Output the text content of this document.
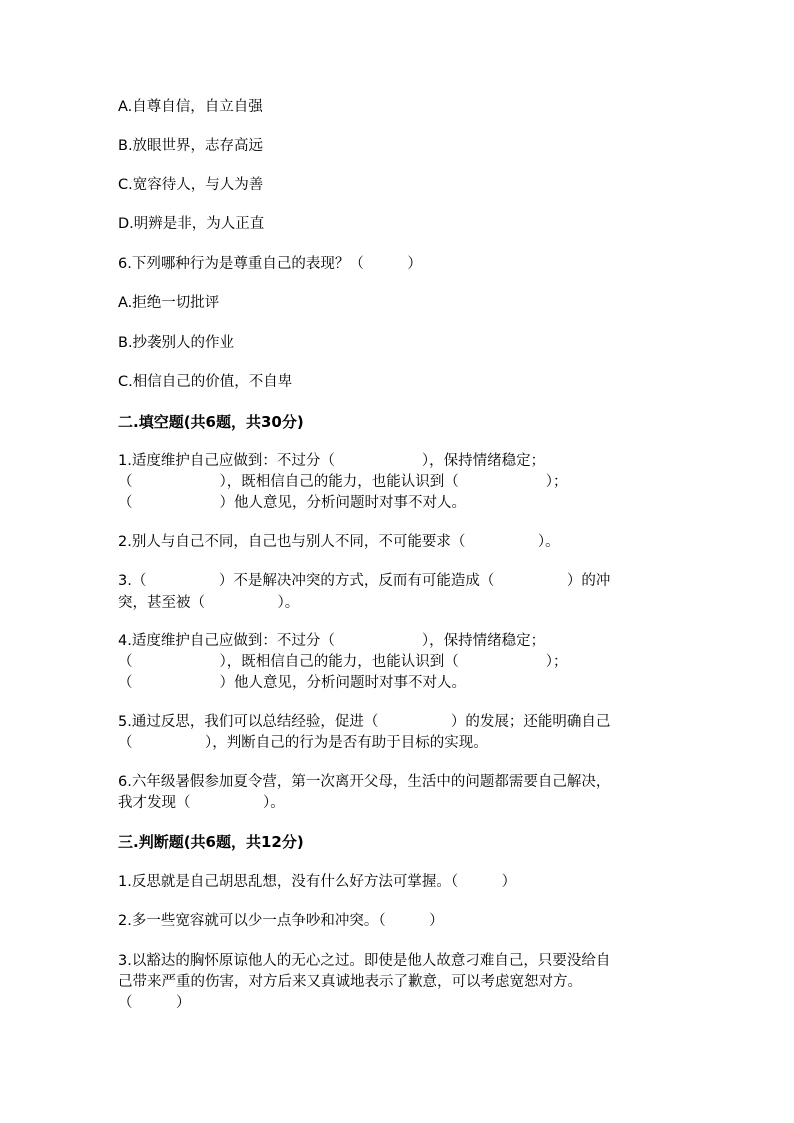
A.自尊自信，自立自强
B.放眼世界，志存高远
C.宽容待人，与人为善
D.明辨是非，为人正直
6.下列哪种行为是尊重自己的表现？（　　　）
A.拒绝一切批评
B.抄袭别人的作业
C.相信自己的价值，不自卑
二.填空题(共6题，共30分)
1.适度维护自己应做到：不过分（　　　　　　），保持情绪稳定；
（　　　　　　），既相信自己的能力，也能认识到（　　　　　　）；
（　　　　　　）他人意见，分析问题时对事不对人。
2.别人与自己不同，自己也与别人不同，不可能要求（　　　　　）。
3.（　　　　　）不是解决冲突的方式，反而有可能造成（　　　　　）的冲
突，甚至被（　　　　　）。
4.适度维护自己应做到：不过分（　　　　　　），保持情绪稳定；
（　　　　　　），既相信自己的能力，也能认识到（　　　　　　）；
（　　　　　　）他人意见，分析问题时对事不对人。
5.通过反思，我们可以总结经验，促进（　　　　　）的发展；还能明确自己
（　　　　　），判断自己的行为是否有助于目标的实现。
6.六年级暑假参加夏令营，第一次离开父母，生活中的问题都需要自己解决，
我才发现（　　　　　）。
三.判断题(共6题，共12分)
1.反思就是自己胡思乱想，没有什么好方法可掌握。（　　　）
2.多一些宽容就可以少一点争吵和冲突。（　　　）
3.以豁达的胸怀原谅他人的无心之过。即使是他人故意刁难自己，只要没给自
己带来严重的伤害，对方后来又真诚地表示了歉意，可以考虑宽恕对方。
（　　　）
